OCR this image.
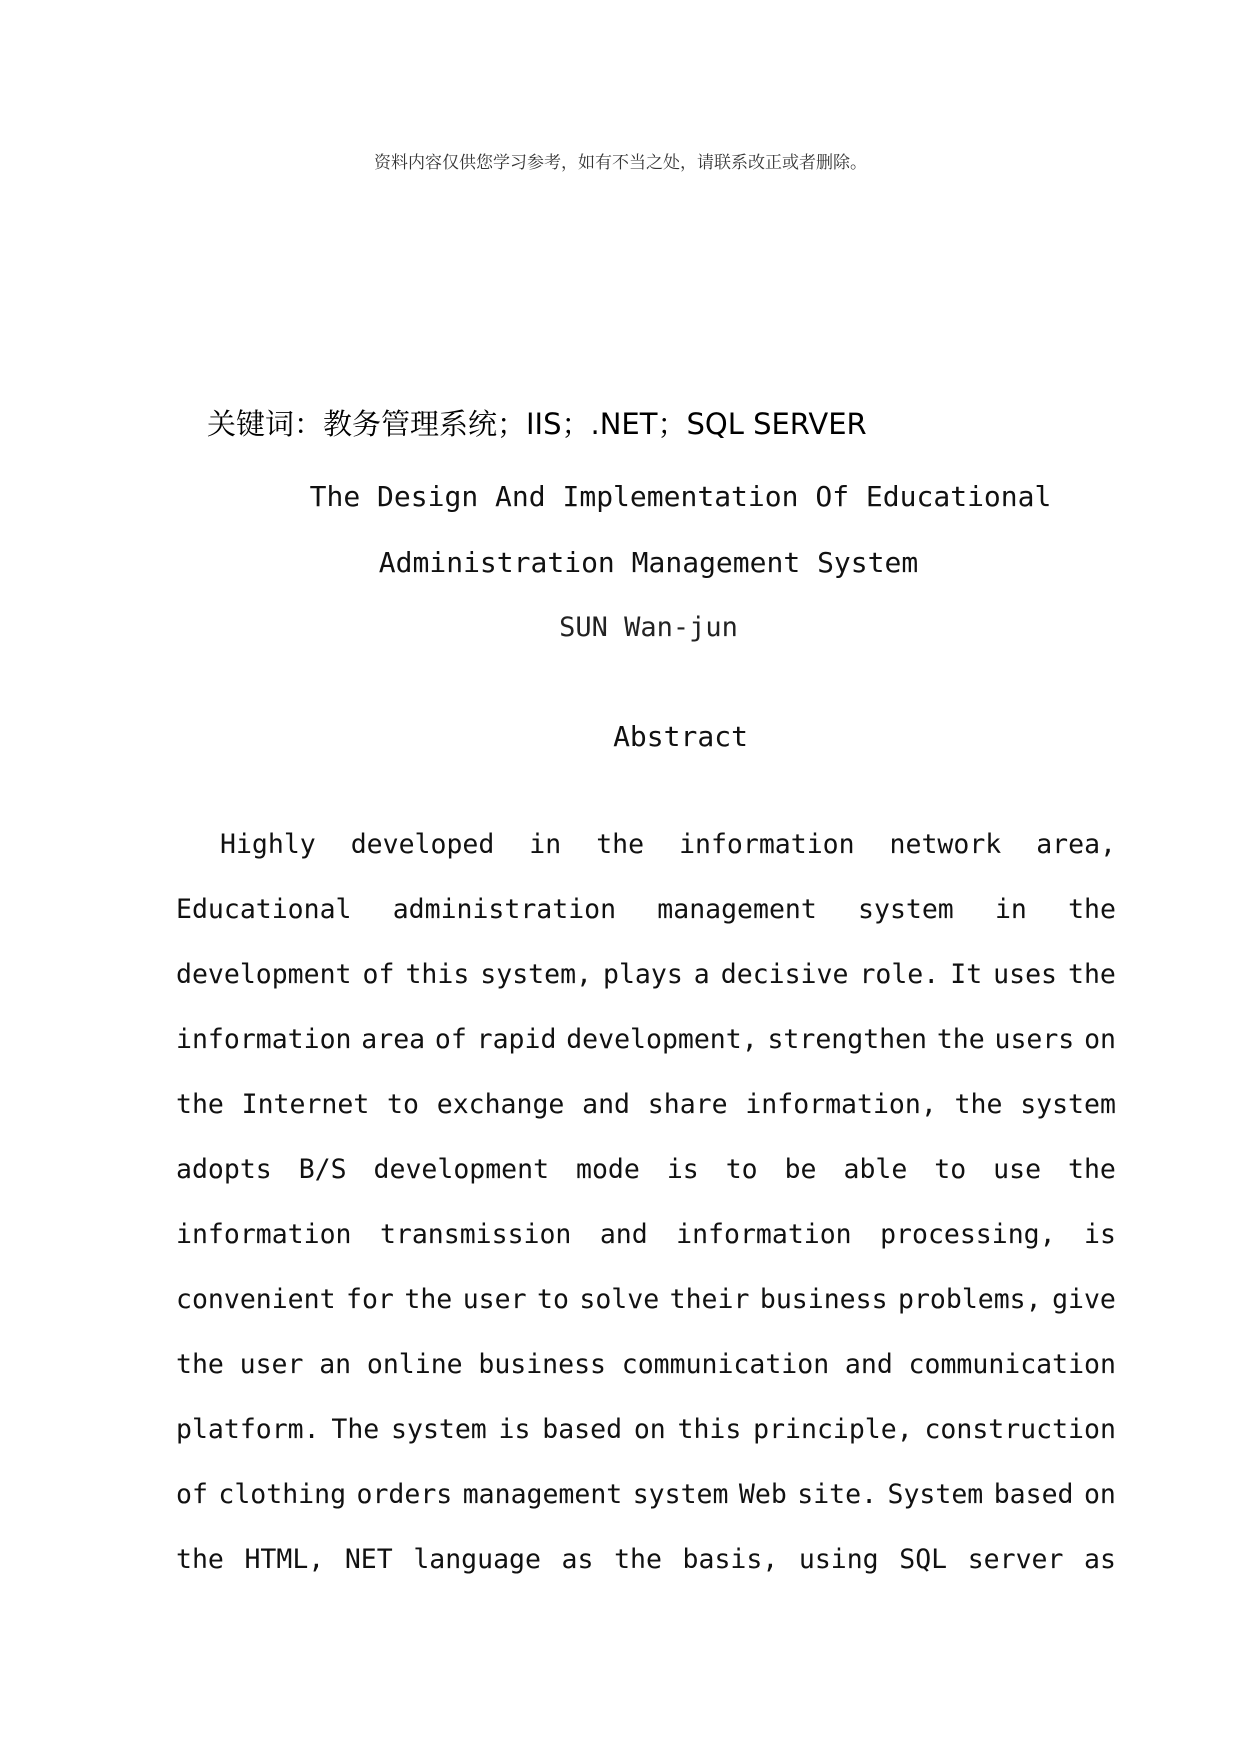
资料内容仅供您学习参考，如有不当之处，请联系改正或者删除。
关键词：教务管理系统；IIS；.NET；SQL SERVER
The Design And Implementation Of Educational
Administration Management System
SUN Wan-jun
Abstract
Highly developed in the information network area,
Educational administration management system in the
development of this system, plays a decisive role. It uses the
information area of rapid development, strengthen the users on
the Internet to exchange and share information, the system
adopts B/S development mode is to be able to use the
information transmission and information processing, is
convenient for the user to solve their business problems, give
the user an online business communication and communication
platform. The system is based on this principle, construction
of clothing orders management system Web site. System based on
the HTML, NET language as the basis, using SQL server as
